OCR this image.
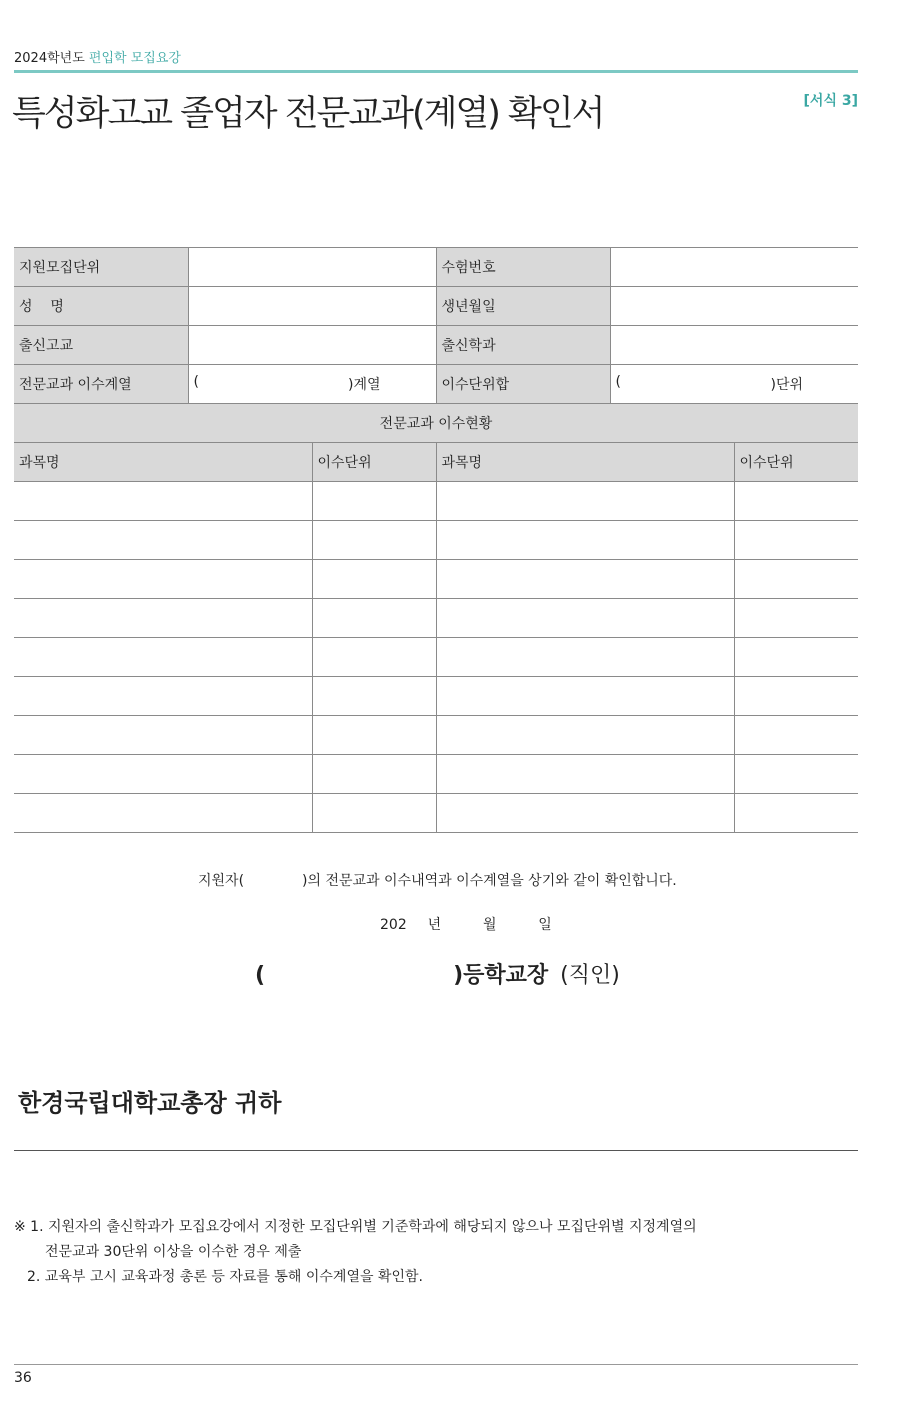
2024학년도 편입학 모집요강
특성화고교 졸업자 전문교과(계열) 확인서	[서식 3]
지원모집단위			수험번호		
성    명			생년월일		
출신고교			출신학과		
전문교과 이수계열	( )계열		이수단위합	( )단위	

전문교과 이수현황					
과목명		이수단위	과목명		이수단위

지원자(	)의 전문교과 이수내역과 이수계열을 상기와 같이 확인합니다.
202  년    월    일
(	)등학교장 (직인)
한경국립대학교총장 귀하
※ 1. 지원자의 출신학과가 모집요강에서 지정한 모집단위별 기준학과에 해당되지 않으나 모집단위별 지정계열의
전문교과 30단위 이상을 이수한 경우 제출
2. 교육부 고시 교육과정 총론 등 자료를 통해 이수계열을 확인함.
36
